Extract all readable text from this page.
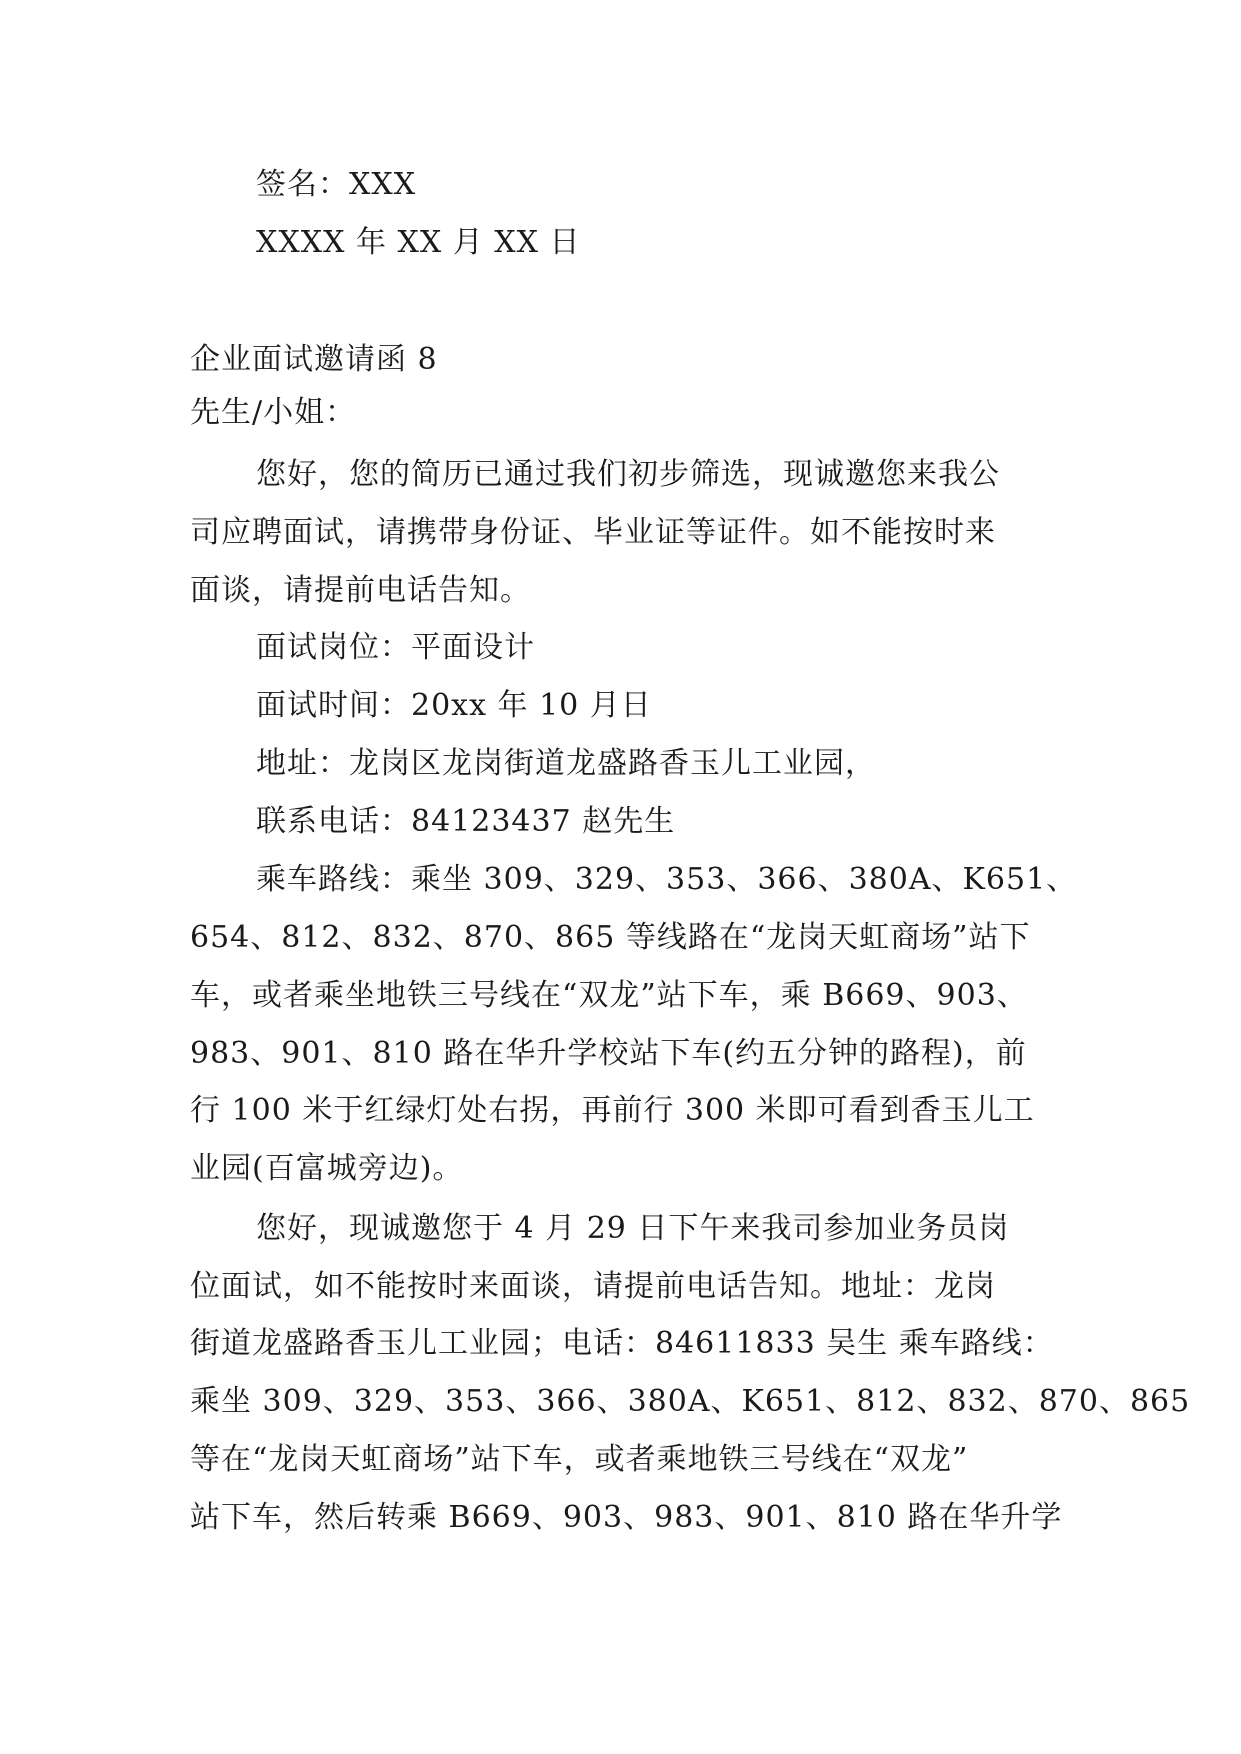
签名：XXX
XXXX 年 XX 月 XX 日
企业面试邀请函 8
先生/小姐：
您好，您的简历已通过我们初步筛选，现诚邀您来我公
司应聘面试，请携带身份证、毕业证等证件。如不能按时来
面谈，请提前电话告知。
面试岗位：平面设计
面试时间：20xx 年 10 月日
地址：龙岗区龙岗街道龙盛路香玉儿工业园，
联系电话：84123437 赵先生
乘车路线：乘坐 309、329、353、366、380A、K651、
654、812、832、870、865 等线路在“龙岗天虹商场”站下
车，或者乘坐地铁三号线在“双龙”站下车，乘 B669、903、
983、901、810 路在华升学校站下车(约五分钟的路程)，前
行 100 米于红绿灯处右拐，再前行 300 米即可看到香玉儿工
业园(百富城旁边)。
您好，现诚邀您于 4 月 29 日下午来我司参加业务员岗
位面试，如不能按时来面谈，请提前电话告知。地址：龙岗
街道龙盛路香玉儿工业园；电话：84611833 吴生 乘车路线：
乘坐 309、329、353、366、380A、K651、812、832、870、865
等在“龙岗天虹商场”站下车，或者乘地铁三号线在“双龙”
站下车，然后转乘 B669、903、983、901、810 路在华升学
